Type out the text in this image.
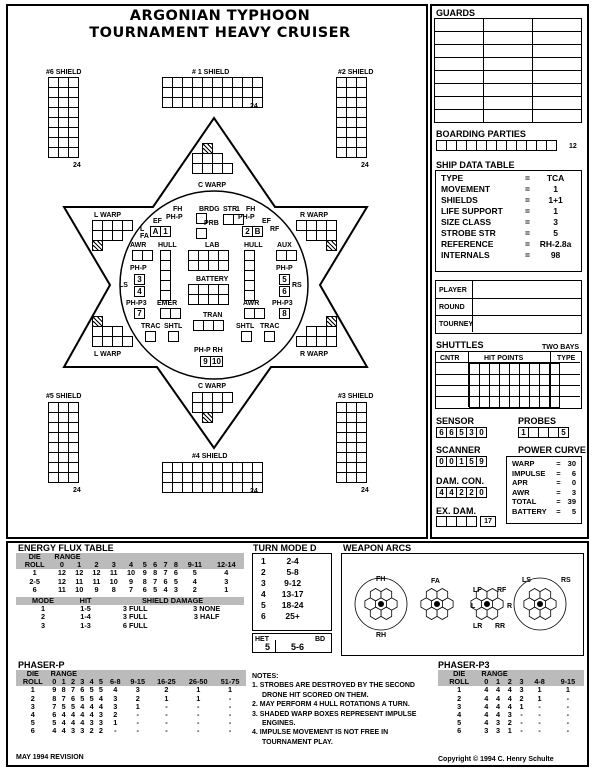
ARGONIAN TYPHOON
TOURNAMENT HEAVY CRUISER
#6 SHIELD

24
# 1 SHIELD

24
#2 SHIELD

24
#5 SHIELD

24
#3 SHIELD

24
#4 SHIELD

24

C WARP
C WARP

L WARP

			R WARP

L WARP

				R WARP
FH
PH-P
EF
L
FA
A 1
BRDG
PRB
STR 1 FH
PH-P
EF
RF
2 B
AWR HULL	LAB	HULL AUX

PH-P
LS
3
4
BATTERY

PH-P
RS
5
6
PH-P3
7
EMER
		AWR
	PH-P3
8
TRAN

TRAC SHTL	SHTL TRAC
PH-P RH
9 10
GUARDS

BOARDING PARTIES

12
SHIP DATA TABLE
TYPE	=	TCA
MOVEMENT	=	1
SHIELDS	=	1+1
LIFE SUPPORT	=	1
SIZE CLASS	=	3
STROBE STR	=	5
REFERENCE	=	RH-2.8a
INTERNALS	=	98
PLAYER
ROUND
TOURNEY
SHUTTLES	TWO BAYS
CNTR	HIT POINTS	TYPE

SENSOR
6 6 5 3 0
PROBES
1	5
SCANNER
0 0 1 5 9
DAM. CON.
4 4 2 2 0
EX. DAM.

17
POWER CURVE
WARP	=	30
IMPULSE	=	6
APR	=	0
AWR	=	3
TOTAL	=	39
BATTERY	=	5
ENERGY FLUX TABLE
DIE	RANGE										
ROLL	0	1	2	3	4	5	6	7	8	9-11	12-14
1	12	12	12	11	10	9	8	7	6	5	4
2-5	12	11	11	10	9	8	7	6	5	4	3
6	11	10	9	8	7	6	5	4	3	2	1
MODE	HIT	SHIELD DAMAGE	
1	1-5	3 FULL	3 NONE
2	1-4	3 FULL	3 HALF
3	1-3	6 FULL	
TURN MODE D
1	2-4
2	5-8
3	9-12
4	13-17
5	18-24
6	25+
HET	BD
5 5-6
WEAPON ARCS
FH
RH
FA
LF RF
L	R
LR RR
LS	RS
PHASER-P
DIE	RANGE										
ROLL	0	1	2	3	4	5	6-8	9-15	16-25	26-50	51-75
1	9	8	7	6	5	5	4	3	2	1	1
2	8	7	6	5	5	4	3	2	1	1	-
3	7	5	5	4	4	4	3	1	-	-	-
4	6	4	4	4	4	3	2	-	-	-	-
5	5	4	4	4	3	3	1	-	-	-	-
6	4	4	3	3	2	2	-	-	-	-	-
MAY 1994 REVISION
NOTES:
1. STROBES ARE DESTROYED BY THE SECOND
DRONE HIT SCORED ON THEM.
2. MAY PERFORM 4 HULL ROTATIONS A TURN.
3. SHADED WARP BOXES REPRESENT IMPULSE
ENGINES.
4. IMPULSE MOVEMENT IS NOT FREE IN
TOURNAMENT PLAY.
PHASER-P3
DIE	RANGE					
ROLL	0	1	2	3	4-8	9-15
1	4	4	4	3	1	1
2	4	4	4	2	1	-
3	4	4	4	1	-	-
4	4	4	3	-	-	-
5	4	3	2	-	-	-
6	3	3	1	-	-	-
Copyright © 1994 C. Henry Schulte
